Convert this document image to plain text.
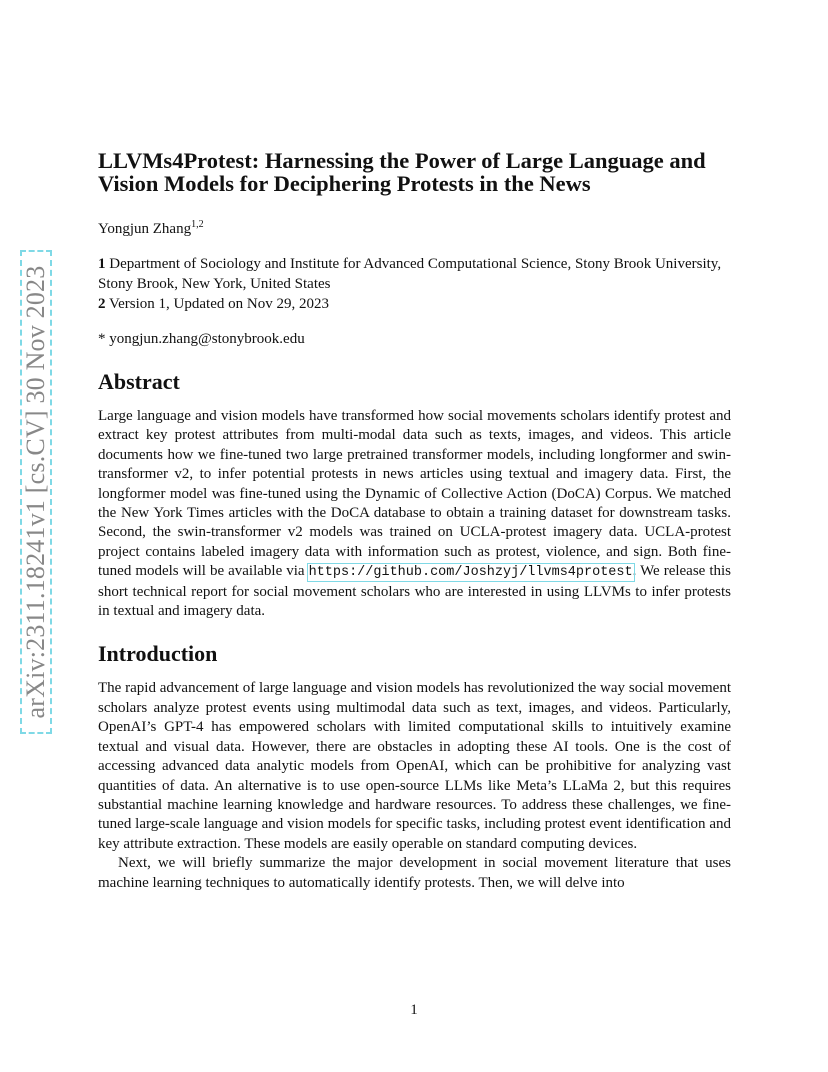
arXiv:2311.18241v1 [cs.CV] 30 Nov 2023
LLVMs4Protest: Harnessing the Power of Large Language and Vision Models for Deciphering Protests in the News
Yongjun Zhang$^{1,2}$
1 Department of Sociology and Institute for Advanced Computational Science, Stony Brook University, Stony Brook, New York, United States
2 Version 1, Updated on Nov 29, 2023
* yongjun.zhang@stonybrook.edu
Abstract

Large language and vision models have transformed how social movements scholars identify protest and extract key protest attributes from multi-modal data such as texts, images, and videos. This article documents how we fine-tuned two large pretrained transformer models, including longformer and swin-transformer v2, to infer potential protests in news articles using textual and imagery data. First, the longformer model was fine-tuned using the Dynamic of Collective Action (DoCA) Corpus. We matched the New York Times articles with the DoCA database to obtain a training dataset for downstream tasks. Second, the swin-transformer v2 models was trained on UCLA-protest imagery data. UCLA-protest project contains labeled imagery data with information such as protest, violence, and sign. Both fine-tuned models will be available via https://github.com/Joshzyj/llvms4protest. We release this short technical report for social movement scholars who are interested in using LLVMs to infer protests in textual and imagery data.

Introduction

The rapid advancement of large language and vision models has revolutionized the way social movement scholars analyze protest events using multimodal data such as text, images, and videos. Particularly, OpenAI’s GPT-4 has empowered scholars with limited computational skills to intuitively examine textual and visual data. However, there are obstacles in adopting these AI tools. One is the cost of accessing advanced data analytic models from OpenAI, which can be prohibitive for analyzing vast quantities of data. An alternative is to use open-source LLMs like Meta’s LLaMa 2, but this requires substantial machine learning knowledge and hardware resources. To address these challenges, we fine-tuned large-scale language and vision models for specific tasks, including protest event identification and key attribute extraction. These models are easily operable on standard computing devices.

Next, we will briefly summarize the major development in social movement literature that uses machine learning techniques to automatically identify protests. Then, we will delve into

1
